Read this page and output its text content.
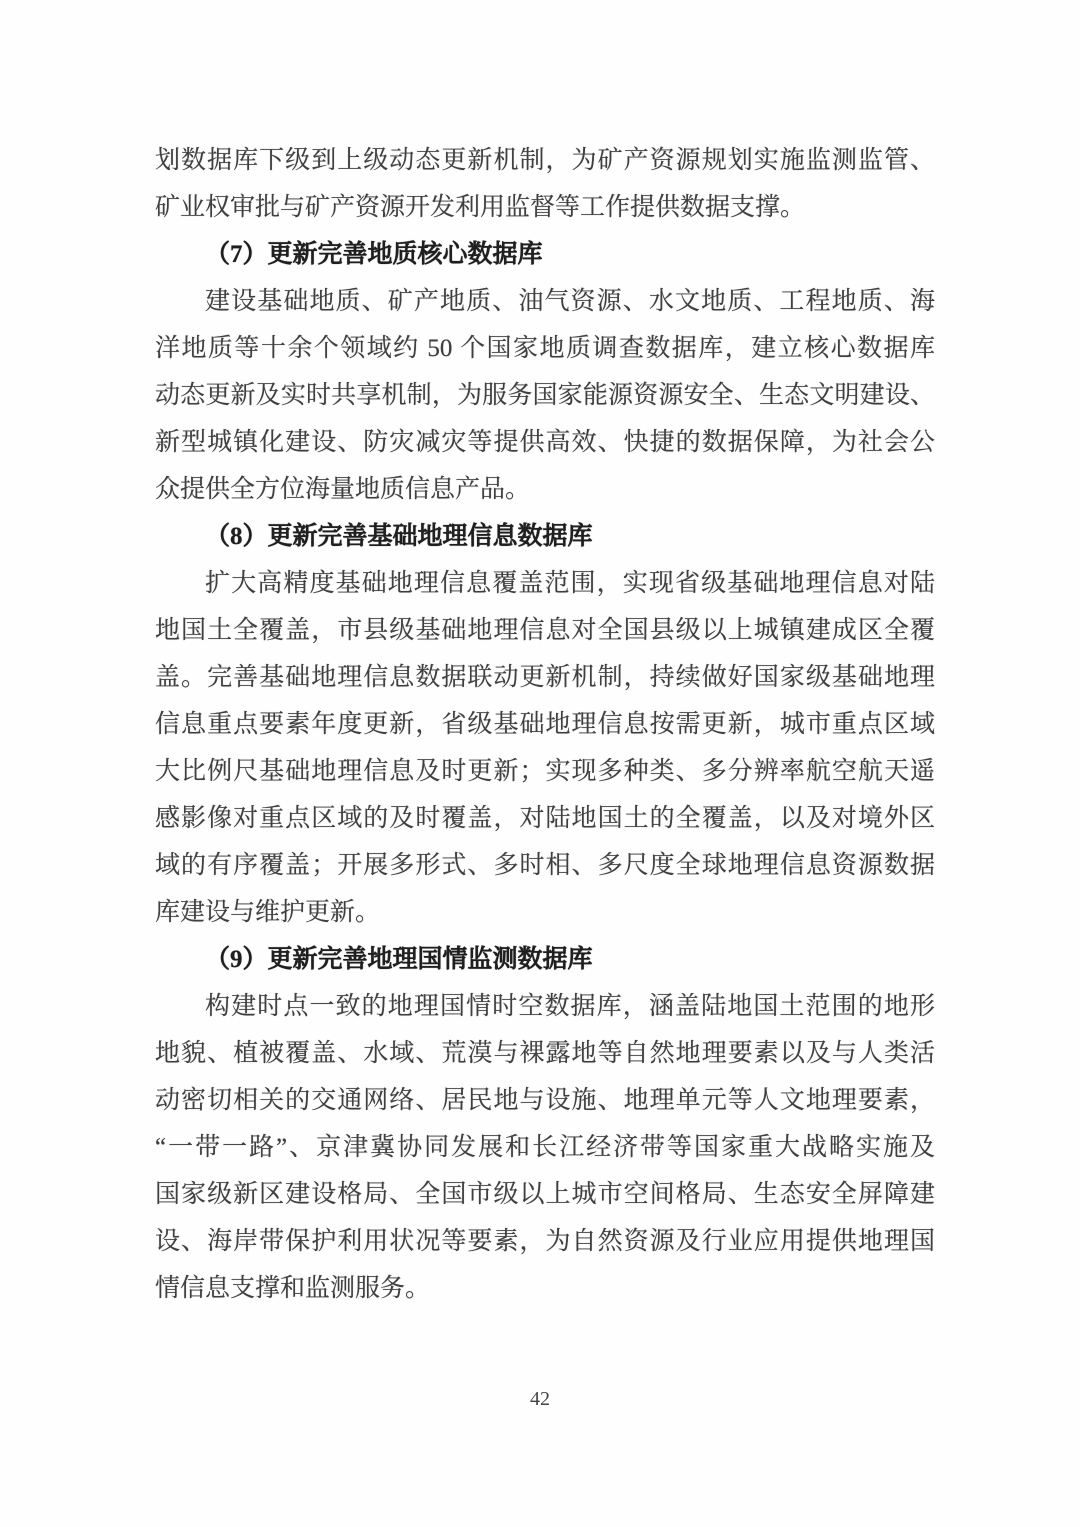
划数据库下级到上级动态更新机制，为矿产资源规划实施监测监管、
矿业权审批与矿产资源开发利用监督等工作提供数据支撑。
（7）更新完善地质核心数据库
建设基础地质、矿产地质、油气资源、水文地质、工程地质、海
洋地质等十余个领域约 50 个国家地质调查数据库，建立核心数据库
动态更新及实时共享机制，为服务国家能源资源安全、生态文明建设、
新型城镇化建设、防灾减灾等提供高效、快捷的数据保障，为社会公
众提供全方位海量地质信息产品。
（8）更新完善基础地理信息数据库
扩大高精度基础地理信息覆盖范围，实现省级基础地理信息对陆
地国土全覆盖，市县级基础地理信息对全国县级以上城镇建成区全覆
盖。完善基础地理信息数据联动更新机制，持续做好国家级基础地理
信息重点要素年度更新，省级基础地理信息按需更新，城市重点区域
大比例尺基础地理信息及时更新；实现多种类、多分辨率航空航天遥
感影像对重点区域的及时覆盖，对陆地国土的全覆盖，以及对境外区
域的有序覆盖；开展多形式、多时相、多尺度全球地理信息资源数据
库建设与维护更新。
（9）更新完善地理国情监测数据库
构建时点一致的地理国情时空数据库，涵盖陆地国土范围的地形
地貌、植被覆盖、水域、荒漠与裸露地等自然地理要素以及与人类活
动密切相关的交通网络、居民地与设施、地理单元等人文地理要素，
“一带一路”、京津冀协同发展和长江经济带等国家重大战略实施及
国家级新区建设格局、全国市级以上城市空间格局、生态安全屏障建
设、海岸带保护利用状况等要素，为自然资源及行业应用提供地理国
情信息支撑和监测服务。
42
